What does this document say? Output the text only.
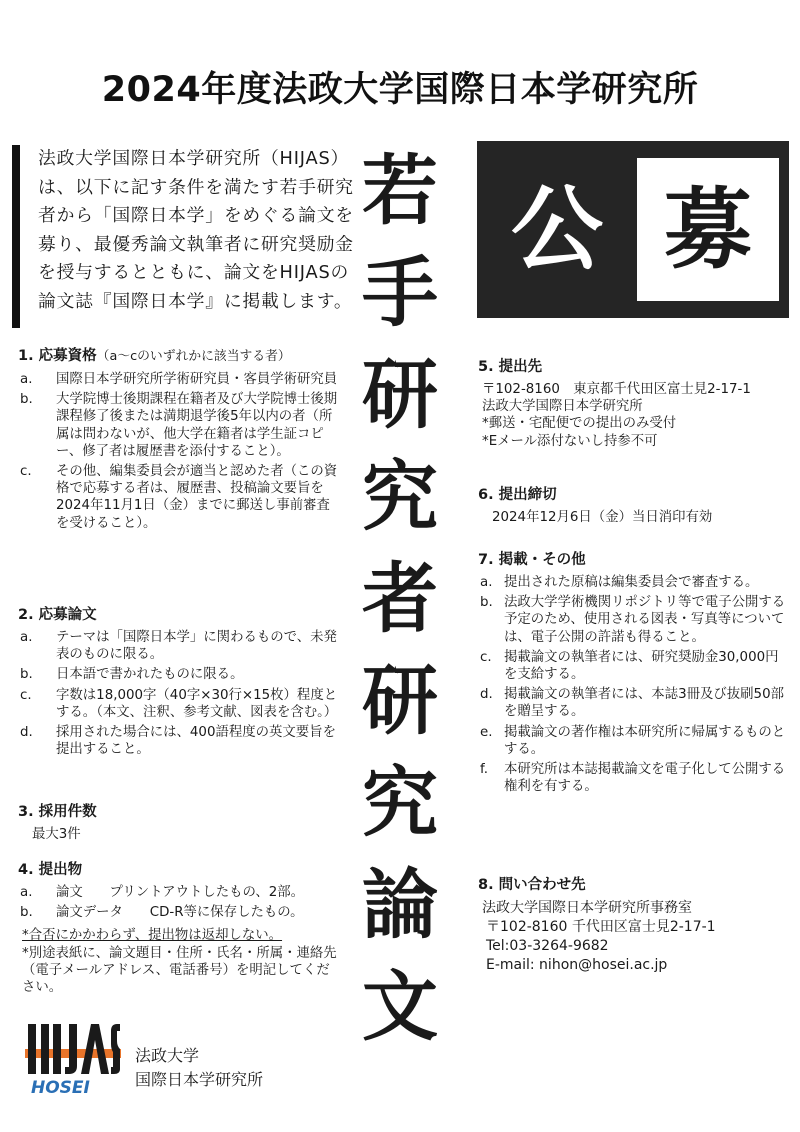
2024年度法政大学国際日本学研究所
法政大学国際日本学研究所（HIJAS）は、以下に記す条件を満たす若手研究者から「国際日本学」をめぐる論文を募り、最優秀論文執筆者に研究奨励金を授与するとともに、論文をHIJASの論文誌『国際日本学』に掲載します。
若
手
研
究
者
研
究
論
文
公 募
1. 応募資格（a～cのいずれかに該当する者）
a.	国際日本学研究所学術研究員・客員学術研究員
b.	大学院博士後期課程在籍者及び大学院博士後期課程修了後または満期退学後5年以内の者（所属は問わないが、他大学在籍者は学生証コピー、修了者は履歴書を添付すること）。
c.	その他、編集委員会が適当と認めた者（この資格で応募する者は、履歴書、投稿論文要旨を2024年11月1日（金）までに郵送し事前審査を受けること）。
2. 応募論文
a.	テーマは「国際日本学」に関わるもので、未発表のものに限る。
b.	日本語で書かれたものに限る。
c.	字数は18,000字（40字×30行×15枚）程度とする。（本文、注釈、参考文献、図表を含む。）
d.	採用された場合には、400語程度の英文要旨を提出すること。
3. 採用件数
最大3件
4. 提出物
a.	論文　　プリントアウトしたもの、2部。
b.	論文データ　　CD-R等に保存したもの。
*合否にかかわらず、提出物は返却しない。
*別途表紙に、論文題目・住所・氏名・所属・連絡先（電子メールアドレス、電話番号）を明記してください。
5. 提出先
〒102-8160　東京都千代田区富士見2-17-1
法政大学国際日本学研究所
*郵送・宅配便での提出のみ受付
*Eメール添付ないし持参不可
6. 提出締切
2024年12月6日（金）当日消印有効
7. 掲載・その他
a. 提出された原稿は編集委員会で審査する。
b. 法政大学学術機関リポジトリ等で電子公開する予定のため、使用される図表・写真等については、電子公開の許諾も得ること。
c. 掲載論文の執筆者には、研究奨励金30,000円を支給する。
d. 掲載論文の執筆者には、本誌3冊及び抜刷50部を贈呈する。
e. 掲載論文の著作権は本研究所に帰属するものとする。
f.	本研究所は本誌掲載論文を電子化して公開する権利を有する。
8. 問い合わせ先
法政大学国際日本学研究所事務室
〒102-8160 千代田区富士見2-17-1
Tel:03-3264-9682
E-mail: nihon@hosei.ac.jp
HOSEI
法政大学
国際日本学研究所
